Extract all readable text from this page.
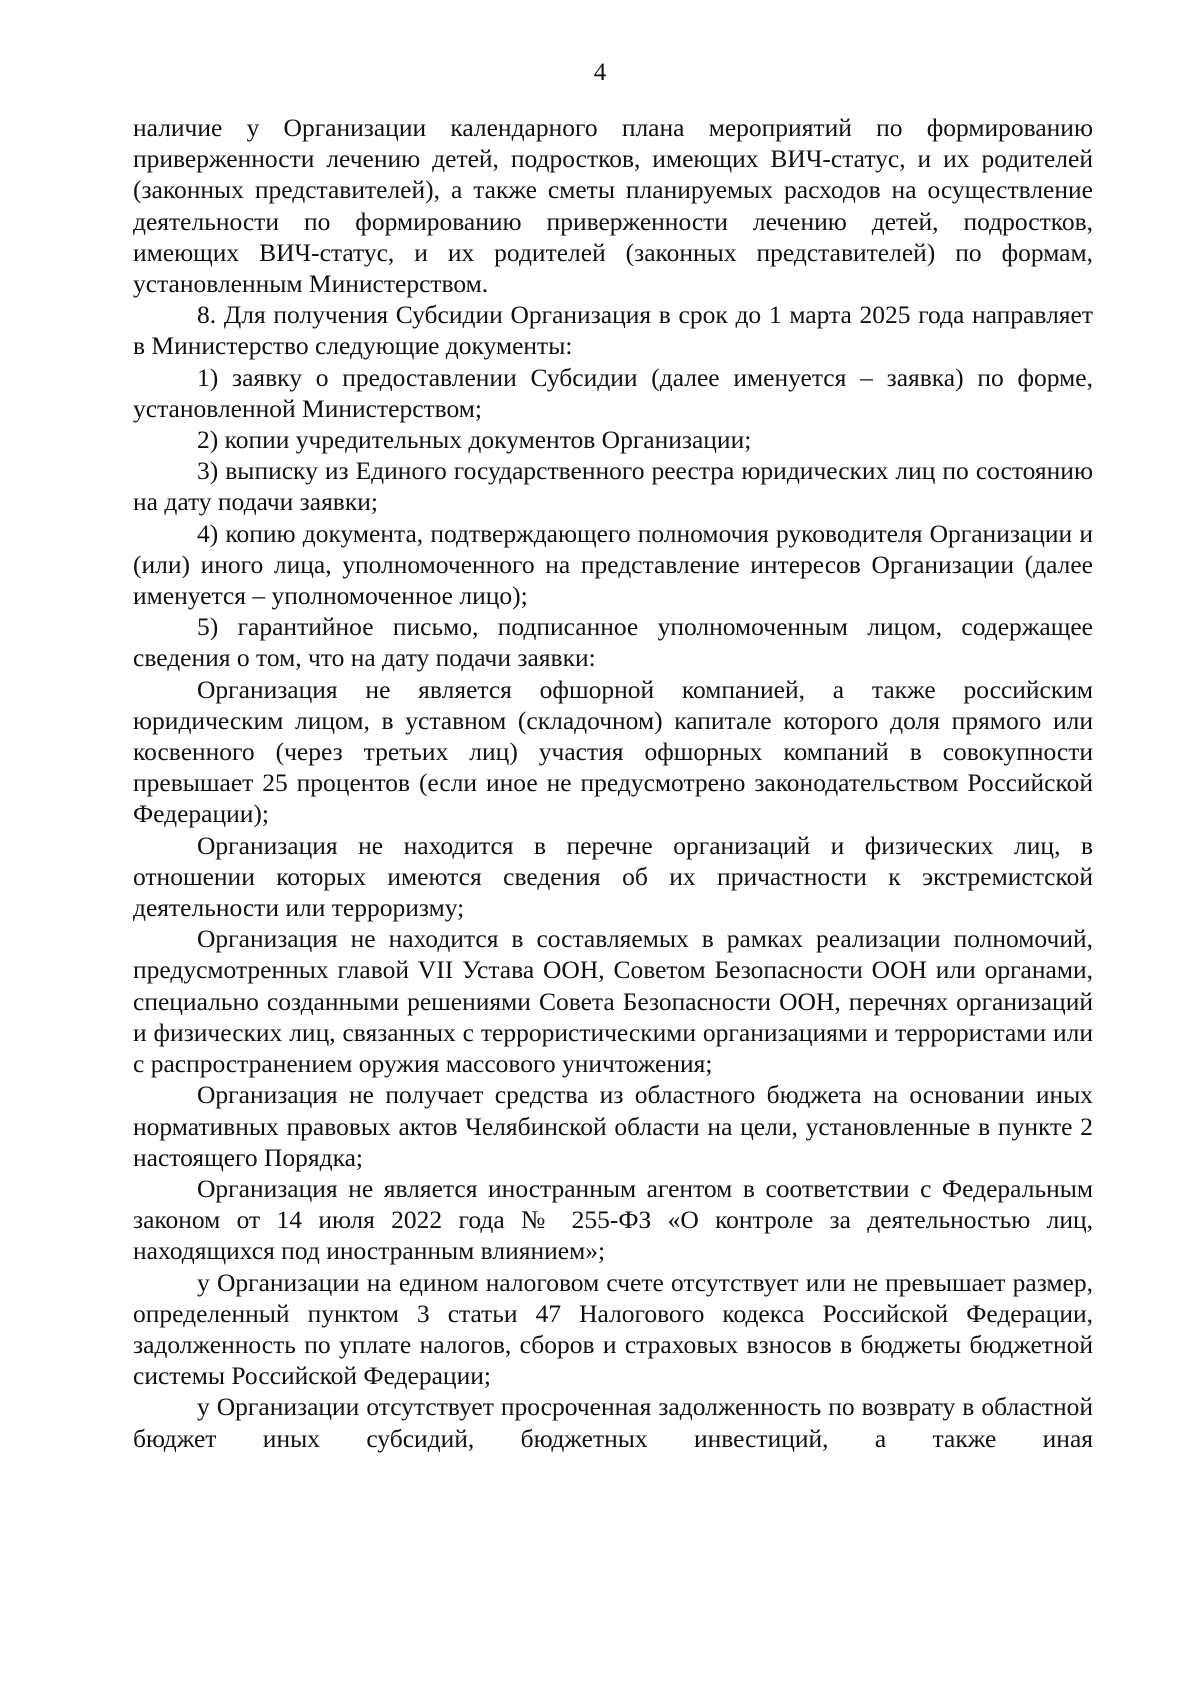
4

наличие у Организации календарного плана мероприятий по формированию приверженности лечению детей, подростков, имеющих ВИЧ-статус, и их родителей (законных представителей), а также сметы планируемых расходов на осуществление деятельности по формированию приверженности лечению детей, подростков, имеющих ВИЧ-статус, и их родителей (законных представителей) по формам, установленным Министерством.

8. Для получения Субсидии Организация в срок до 1 марта 2025 года направляет в Министерство следующие документы:

1) заявку о предоставлении Субсидии (далее именуется – заявка) по форме, установленной Министерством;

2) копии учредительных документов Организации;

3) выписку из Единого государственного реестра юридических лиц по состоянию на дату подачи заявки;

4) копию документа, подтверждающего полномочия руководителя Организации и (или) иного лица, уполномоченного на представление интересов Организации (далее именуется – уполномоченное лицо);

5) гарантийное письмо, подписанное уполномоченным лицом, содержащее сведения о том, что на дату подачи заявки:

Организация не является офшорной компанией, а также российским юридическим лицом, в уставном (складочном) капитале которого доля прямого или косвенного (через третьих лиц) участия офшорных компаний в совокупности превышает 25 процентов (если иное не предусмотрено законодательством Российской Федерации);

Организация не находится в перечне организаций и физических лиц, в отношении которых имеются сведения об их причастности к экстремистской деятельности или терроризму;

Организация не находится в составляемых в рамках реализации полномочий, предусмотренных главой VII Устава ООН, Советом Безопасности ООН или органами, специально созданными решениями Совета Безопасности ООН, перечнях организаций и физических лиц, связанных с террористическими организациями и террористами или с распространением оружия массового уничтожения;

Организация не получает средства из областного бюджета на основании иных нормативных правовых актов Челябинской области на цели, установленные в пункте 2 настоящего Порядка;

Организация не является иностранным агентом в соответствии с Федеральным законом от 14 июля 2022 года № 255-ФЗ «О контроле за деятельностью лиц, находящихся под иностранным влиянием»;

у Организации на едином налоговом счете отсутствует или не превышает размер, определенный пунктом 3 статьи 47 Налогового кодекса Российской Федерации, задолженность по уплате налогов, сборов и страховых взносов в бюджеты бюджетной системы Российской Федерации;

у Организации отсутствует просроченная задолженность по возврату в областной бюджет иных субсидий, бюджетных инвестиций, а также иная
